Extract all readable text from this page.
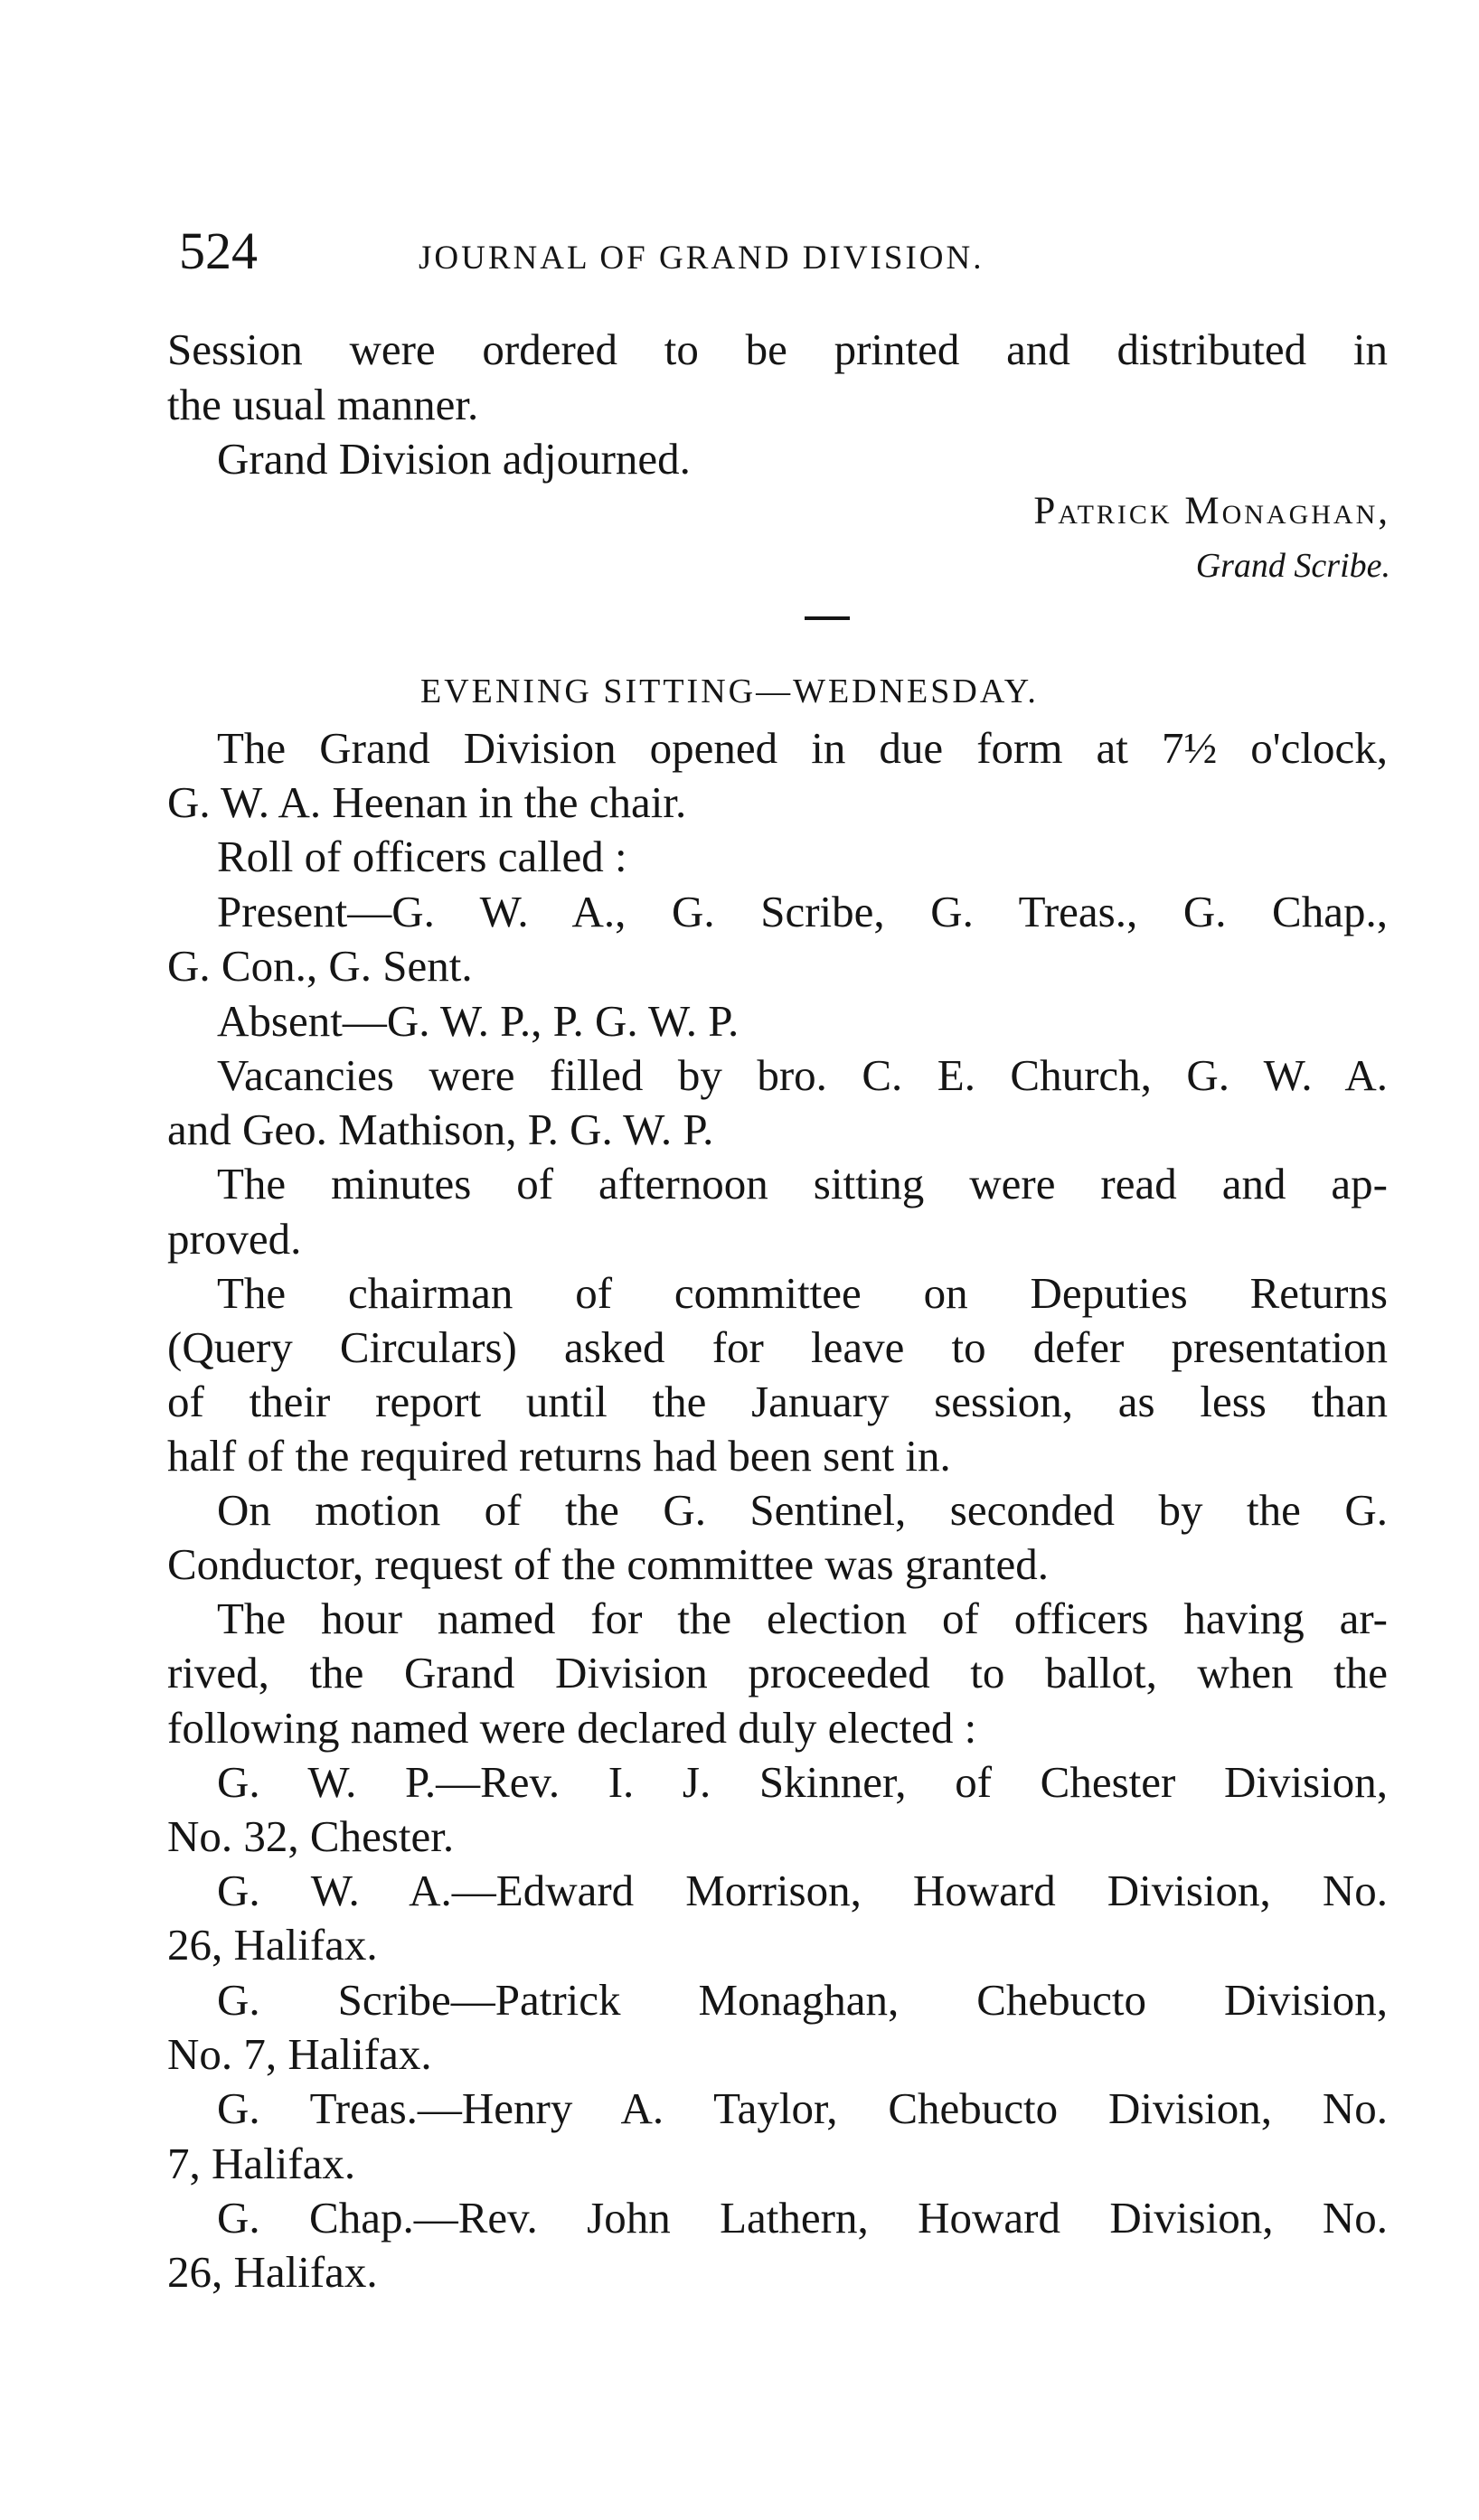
524	JOURNAL OF GRAND DIVISION.
Session were ordered to be printed and distributed in
the usual manner.
Grand Division adjourned.
Patrick Monaghan,
Grand Scribe.
EVENING SITTING—WEDNESDAY.
The Grand Division opened in due form at 7½ o'clock,
G. W. A. Heenan in the chair.
Roll of officers called :
Present—G. W. A., G. Scribe, G. Treas., G. Chap.,
G. Con., G. Sent.
Absent—G. W. P., P. G. W. P.
Vacancies were filled by bro. C. E. Church, G. W. A.
and Geo. Mathison, P. G. W. P.
The minutes of afternoon sitting were read and ap-
proved.
The chairman of committee on Deputies Returns
(Query Circulars) asked for leave to defer presentation
of their report until the January session, as less than
half of the required returns had been sent in.
On motion of the G. Sentinel, seconded by the G.
Conductor, request of the committee was granted.
The hour named for the election of officers having ar-
rived, the Grand Division proceeded to ballot, when the
following named were declared duly elected :
G. W. P.—Rev. I. J. Skinner, of Chester Division,
No. 32, Chester.
G. W. A.—Edward Morrison, Howard Division, No.
26, Halifax.
G. Scribe—Patrick Monaghan, Chebucto Division,
No. 7, Halifax.
G. Treas.—Henry A. Taylor, Chebucto Division, No.
7, Halifax.
G. Chap.—Rev. John Lathern, Howard Division, No.
26, Halifax.
